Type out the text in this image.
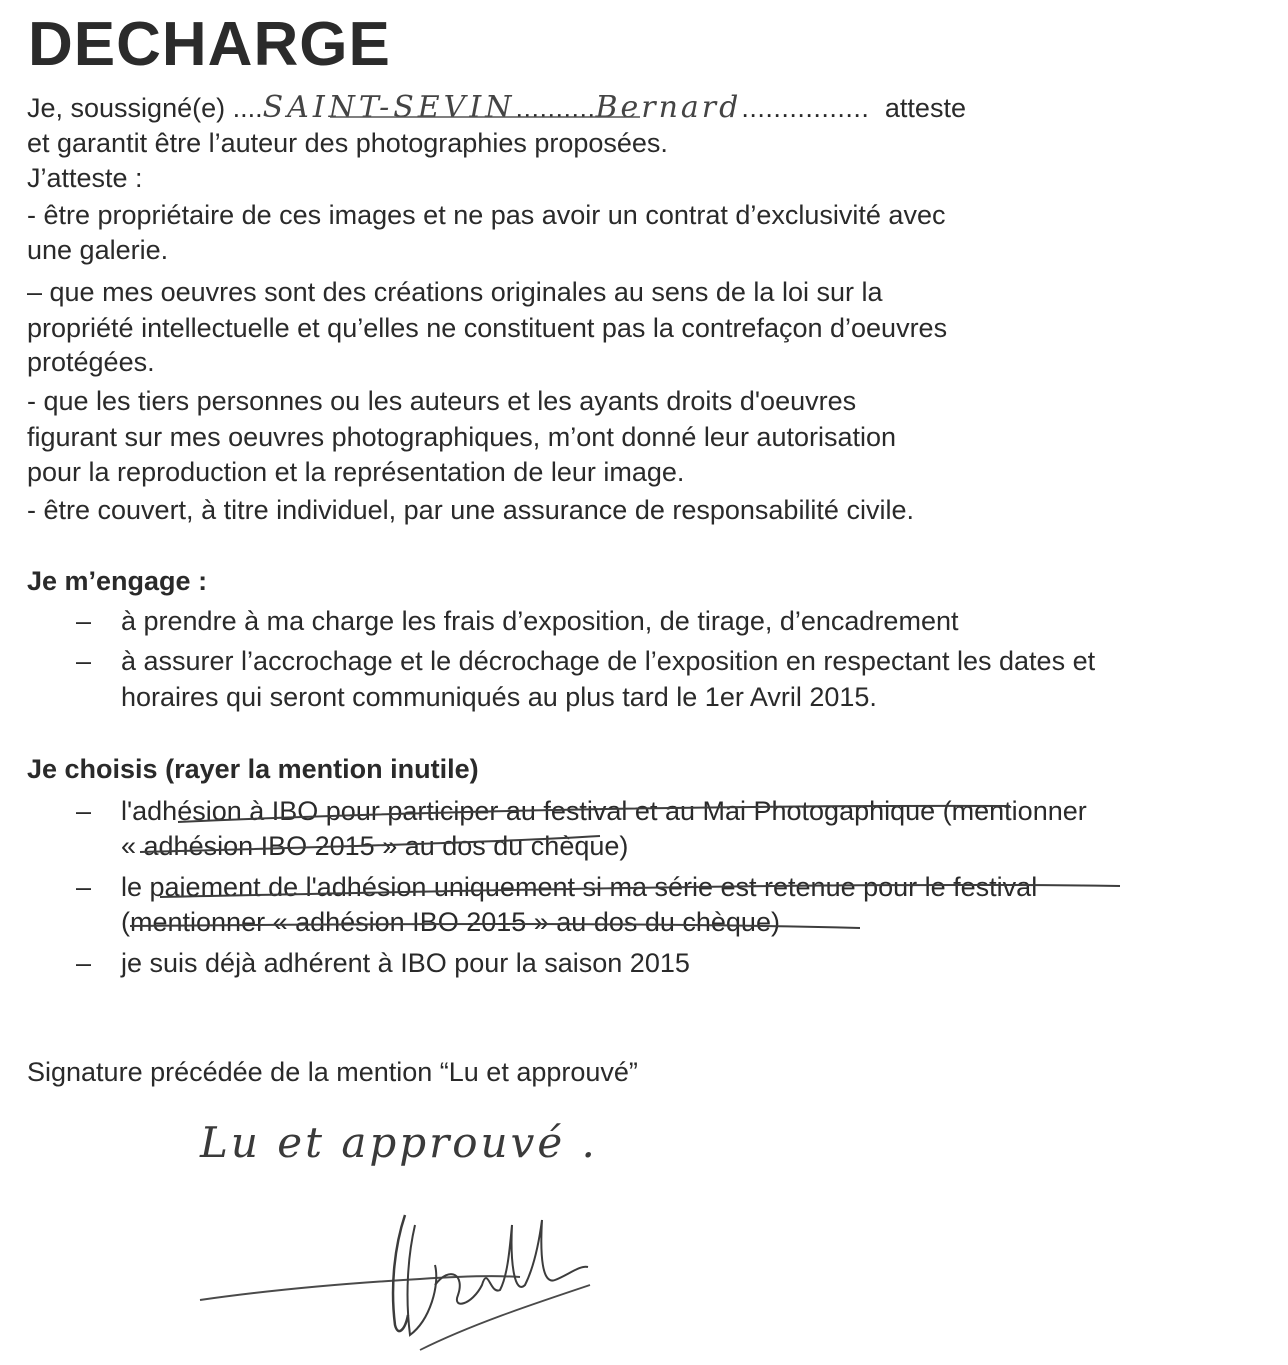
DECHARGE
Je, soussigné(e) ....SAINT-SEVIN..........Bernard................ atteste
et garantit être l’auteur des photographies proposées.
J’atteste :
- être propriétaire de ces images et ne pas avoir un contrat d’exclusivité avec
une galerie.
– que mes oeuvres sont des créations originales au sens de la loi sur la
propriété intellectuelle et qu’elles ne constituent pas la contrefaçon d’oeuvres
protégées.
- que les tiers personnes ou les auteurs et les ayants droits d'oeuvres
figurant sur mes oeuvres photographiques, m’ont donné leur autorisation
pour la reproduction et la représentation de leur image.
- être couvert, à titre individuel, par une assurance de responsabilité civile.
Je m’engage :
– à prendre à ma charge les frais d’exposition, de tirage, d’encadrement
– à assurer l’accrochage et le décrochage de l’exposition en respectant les dates et
horaires qui seront communiqués au plus tard le 1er Avril 2015.
Je choisis (rayer la mention inutile)
– l'adhésion à IBO pour participer au festival et au Mai Photogaphique (mentionner
« adhésion IBO 2015 » au dos du chèque)
– le paiement de l'adhésion uniquement si ma série est retenue pour le festival
(mentionner « adhésion IBO 2015 » au dos du chèque)
– je suis déjà adhérent à IBO pour la saison 2015
Signature précédée de la mention “Lu et approuvé”
Lu et approuvé .
